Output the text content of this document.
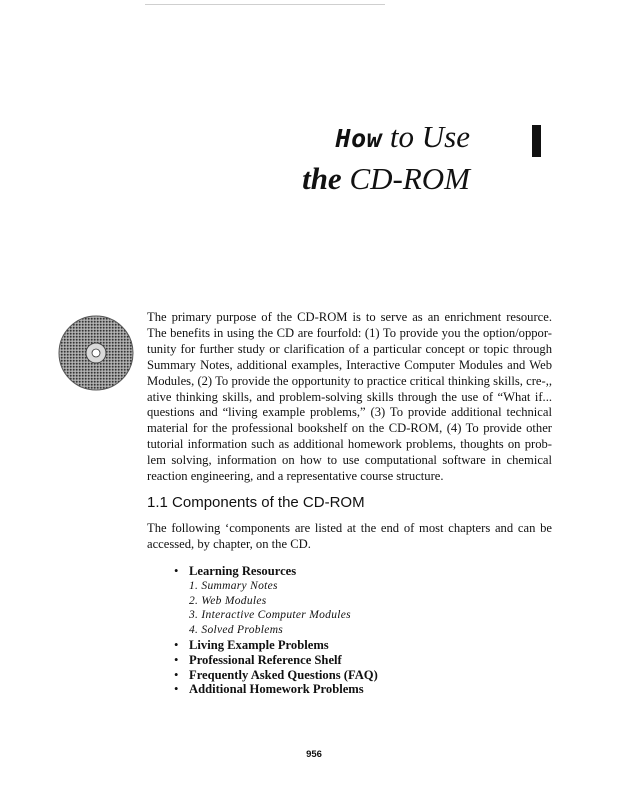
How to Use
the CD-ROM
The primary purpose of the CD-ROM is to serve as an enrichment resource.
The benefits in using the CD are fourfold: (1) To provide you the option/oppor-
tunity for further study or clarification of a particular concept or topic through
Summary Notes, additional examples, Interactive Computer Modules and Web
Modules, (2) To provide the opportunity to practice critical thinking skills, cre-,,
ative thinking skills, and problem-solving skills through the use of “What if...
questions and “living example problems,” (3) To provide additional technical
material for the professional bookshelf on the CD-ROM, (4) To provide other
tutorial information such as additional homework problems, thoughts on prob-
lem solving, information on how to use computational software in chemical
reaction engineering, and a representative course structure.
1.1 Components of the CD-ROM
The following ‘components are listed at the end of most chapters and can be
accessed, by chapter, on the CD.
• Learning Resources
1. Summary Notes
2. Web Modules
3. Interactive Computer Modules
4. Solved Problems
• Living Example Problems
• Professional Reference Shelf
• Frequently Asked Questions (FAQ)
• Additional Homework Problems
956
